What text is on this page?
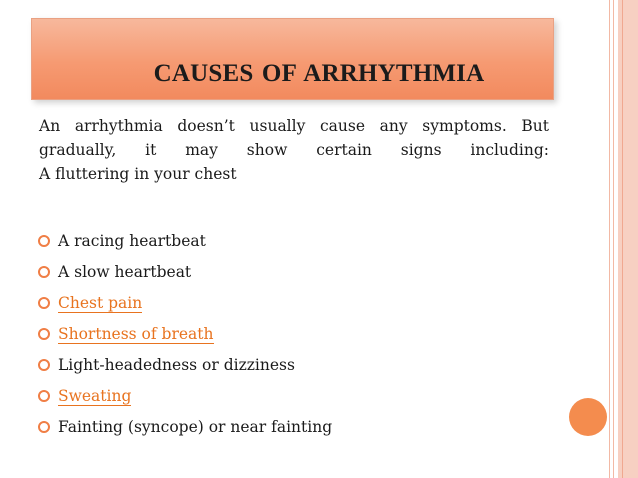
CAUSES OF ARRHYTHMIA
An arrhythmia doesn’t usually cause any symptoms. But
gradually, it may show certain signs including:
A fluttering in your chest
A racing heartbeat
A slow heartbeat
Chest pain
Shortness of breath
Light-headedness or dizziness
Sweating
Fainting (syncope) or near fainting
